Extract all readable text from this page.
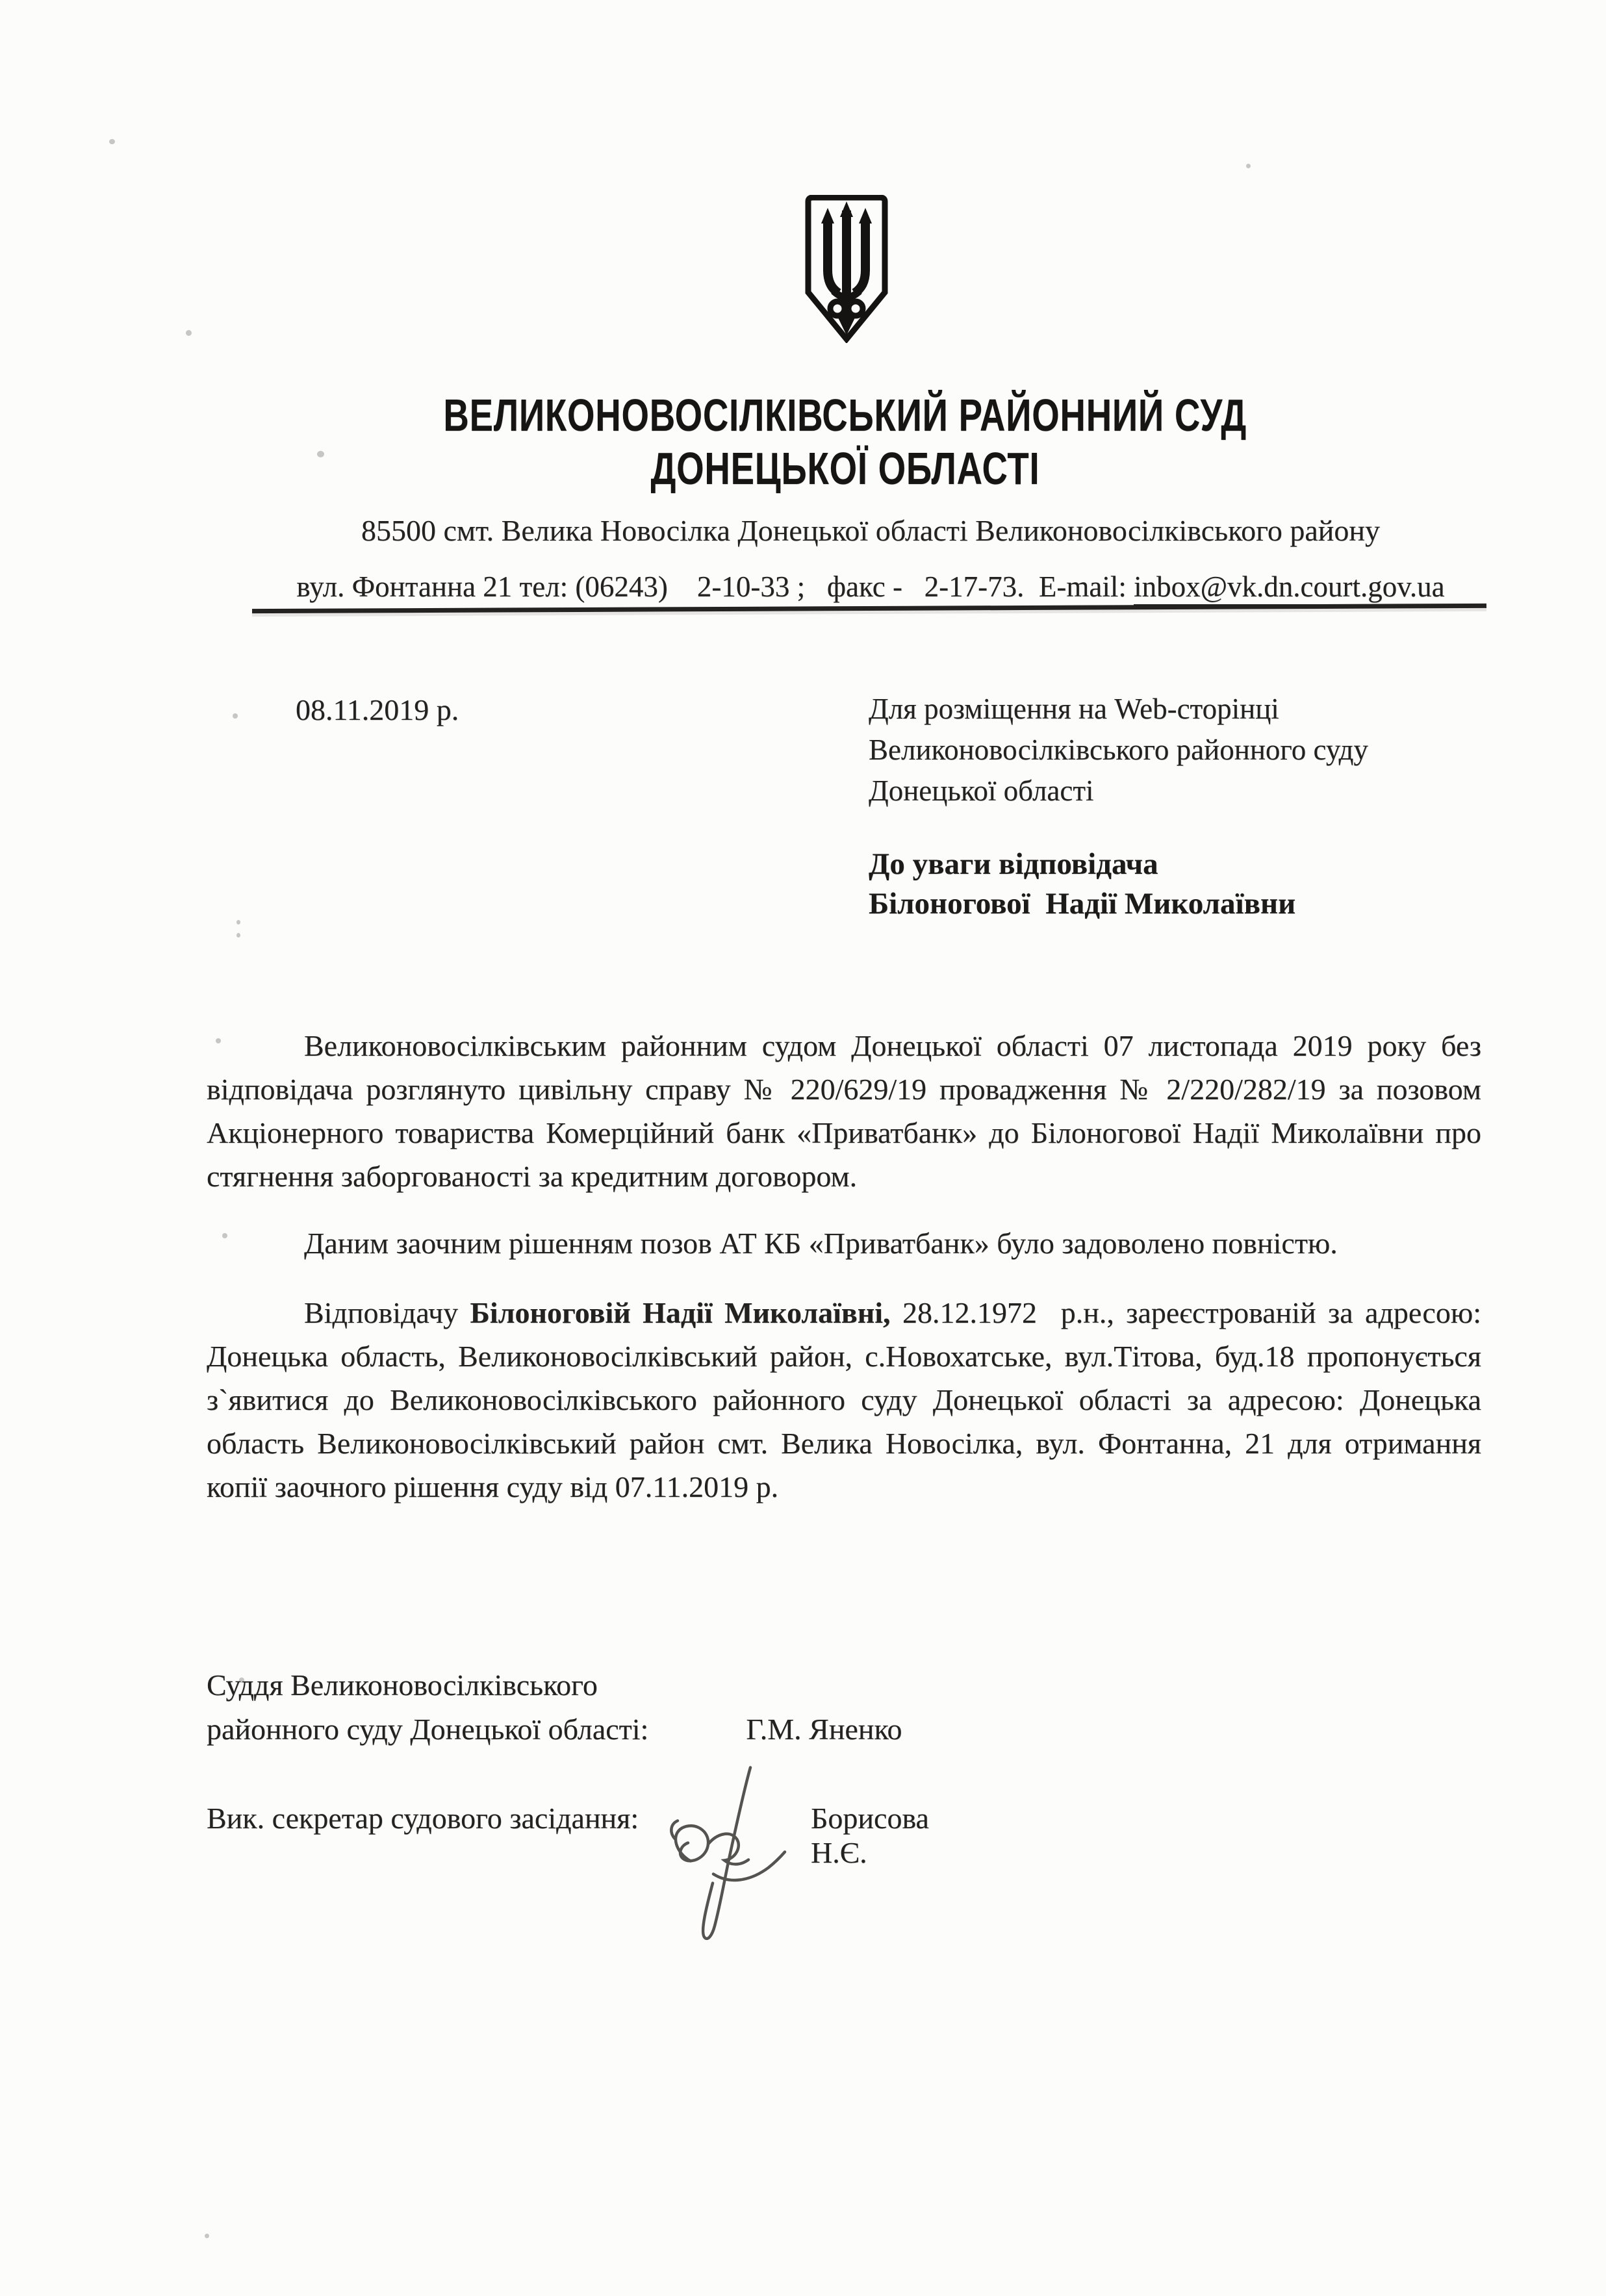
ВЕЛИКОНОВОСІЛКІВСЬКИЙ РАЙОННИЙ СУД
ДОНЕЦЬКОЇ ОБЛАСТІ
85500 смт. Велика Новосілка Донецької області Великоновосілківського району
вул. Фонтанна 21 тел: (06243)    2-10-33 ;   факс -   2-17-73.  E-mail: inbox@vk.dn.court.gov.ua
08.11.2019 р.	Для розміщення на Web-сторінці
Великоновосілківського районного суду
Донецької області
До уваги відповідача
Білоногової  Надії Миколаївни

Великоновосілківським районним судом Донецької області 07 листопада 2019 року без відповідача розглянуто цивільну справу № 220/629/19 провадження № 2/220/282/19 за позовом Акціонерного товариства Комерційний банк «Приватбанк» до Білоногової Надії Миколаївни про стягнення заборгованості за кредитним договором.

Даним заочним рішенням позов АТ КБ «Приватбанк» було задоволено повністю.

Відповідачу Білоноговій Надії Миколаївні, 28.12.1972  р.н., зареєстрованій за адресою: Донецька область, Великоновосілківський район, с.Новохатське, вул.Тітова, буд.18 пропонується з`явитися до Великоновосілківського районного суду Донецької області за адресою: Донецька область Великоновосілківський район смт. Велика Новосілка, вул. Фонтанна, 21 для отримання копії заочного рішення суду від 07.11.2019 р.

Суддя Великоновосілківського
районного суду Донецької області:	Г.М. Яненко
Вик. секретар судового засідання:	Борисова Н.Є.
